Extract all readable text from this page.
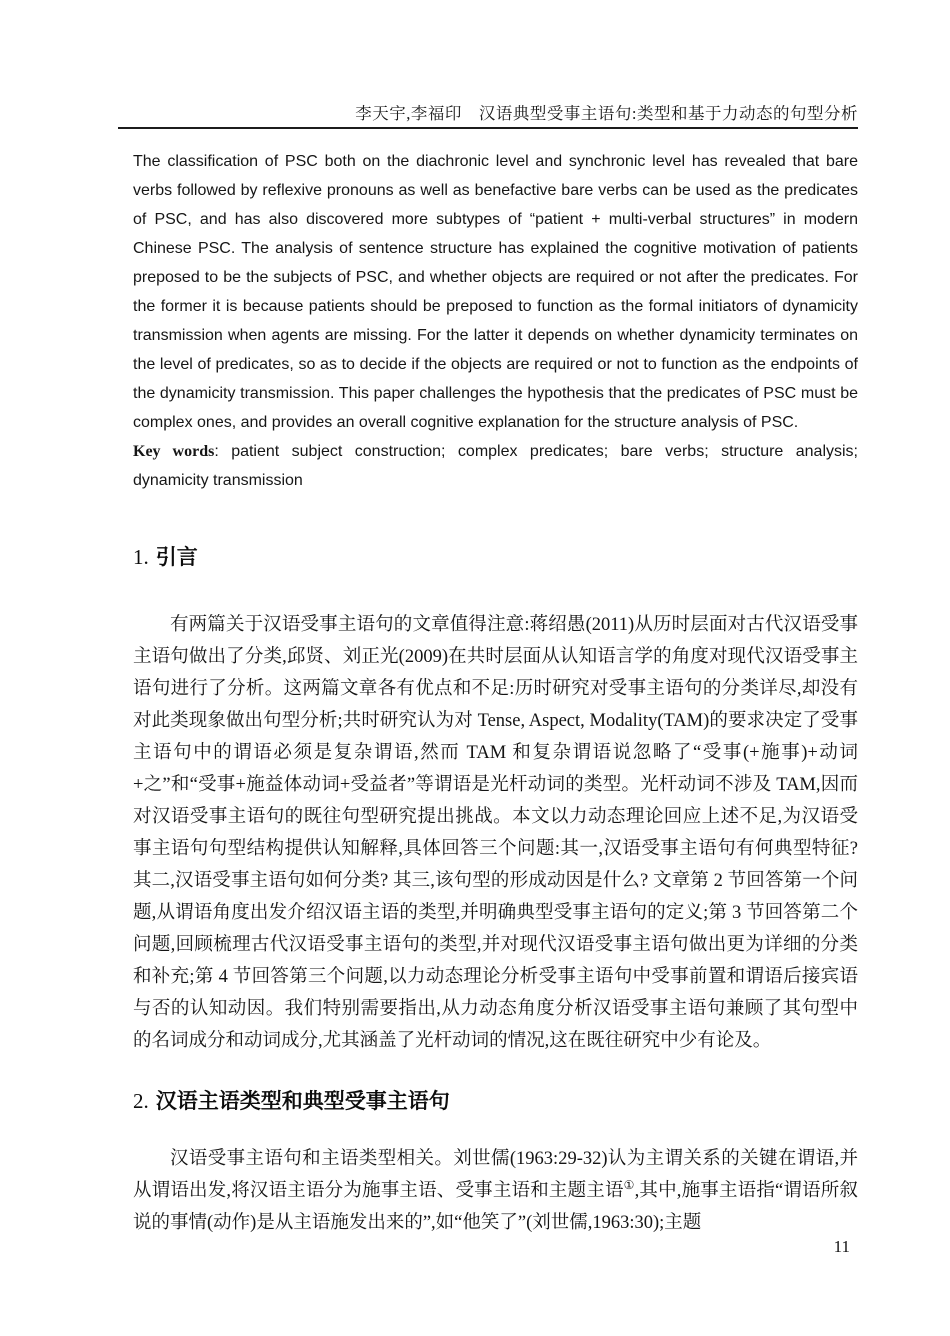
李天宇,李福印　汉语典型受事主语句:类型和基于力动态的句型分析

The classification of PSC both on the diachronic level and synchronic level has revealed that bare verbs followed by reflexive pronouns as well as benefactive bare verbs can be used as the predicates of PSC, and has also discovered more subtypes of “patient + multi-verbal structures” in modern Chinese PSC. The analysis of sentence structure has explained the cognitive motivation of patients preposed to be the subjects of PSC, and whether objects are required or not after the predicates. For the former it is because patients should be preposed to function as the formal initiators of dynamicity transmission when agents are missing. For the latter it depends on whether dynamicity terminates on the level of predicates, so as to decide if the objects are required or not to function as the endpoints of the dynamicity transmission. This paper challenges the hypothesis that the predicates of PSC must be complex ones, and provides an overall cognitive explanation for the structure analysis of PSC.

Key words: patient subject construction; complex predicates; bare verbs; structure analysis; dynamicity transmission

1. 引言

有两篇关于汉语受事主语句的文章值得注意:蒋绍愚(2011)从历时层面对古代汉语受事主语句做出了分类,邱贤、刘正光(2009)在共时层面从认知语言学的角度对现代汉语受事主语句进行了分析。这两篇文章各有优点和不足:历时研究对受事主语句的分类详尽,却没有对此类现象做出句型分析;共时研究认为对 Tense, Aspect, Modality(TAM)的要求决定了受事主语句中的谓语必须是复杂谓语,然而 TAM 和复杂谓语说忽略了“受事(+施事)+动词+之”和“受事+施益体动词+受益者”等谓语是光杆动词的类型。光杆动词不涉及 TAM,因而对汉语受事主语句的既往句型研究提出挑战。本文以力动态理论回应上述不足,为汉语受事主语句句型结构提供认知解释,具体回答三个问题:其一,汉语受事主语句有何典型特征? 其二,汉语受事主语句如何分类? 其三,该句型的形成动因是什么? 文章第 2 节回答第一个问题,从谓语角度出发介绍汉语主语的类型,并明确典型受事主语句的定义;第 3 节回答第二个问题,回顾梳理古代汉语受事主语句的类型,并对现代汉语受事主语句做出更为详细的分类和补充;第 4 节回答第三个问题,以力动态理论分析受事主语句中受事前置和谓语后接宾语与否的认知动因。我们特别需要指出,从力动态角度分析汉语受事主语句兼顾了其句型中的名词成分和动词成分,尤其涵盖了光杆动词的情况,这在既往研究中少有论及。

2. 汉语主语类型和典型受事主语句

汉语受事主语句和主语类型相关。刘世儒(1963:29-32)认为主谓关系的关键在谓语,并从谓语出发,将汉语主语分为施事主语、受事主语和主题主语①,其中,施事主语指“谓语所叙说的事情(动作)是从主语施发出来的”,如“他笑了”(刘世儒,1963:30);主题

11
